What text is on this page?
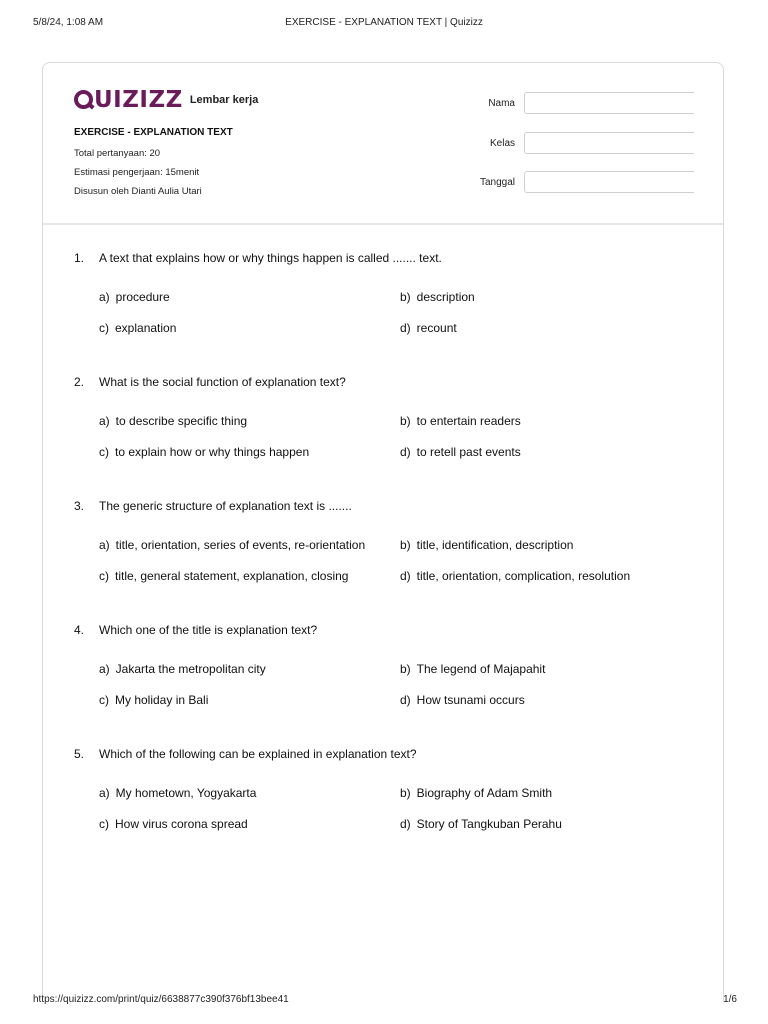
5/8/24, 1:08 AM	EXERCISE - EXPLANATION TEXT | Quizizz
UIZIZZ Lembar kerja
EXERCISE - EXPLANATION TEXT
Total pertanyaan: 20
Estimasi pengerjaan: 15menit
Disusun oleh Dianti Aulia Utari
Nama
Kelas
Tanggal
1. A text that explains how or why things happen is called ....... text.
a) procedure	b) description
c) explanation	d) recount
2. What is the social function of explanation text?
a) to describe specific thing	b) to entertain readers
c) to explain how or why things happen	d) to retell past events
3. The generic structure of explanation text is .......
a) title, orientation, series of events, re-orientation	b) title, identification, description
c) title, general statement, explanation, closing	d) title, orientation, complication, resolution
4. Which one of the title is explanation text?
a) Jakarta the metropolitan city	b) The legend of Majapahit
c) My holiday in Bali	d) How tsunami occurs
5. Which of the following can be explained in explanation text?
a) My hometown, Yogyakarta	b) Biography of Adam Smith
c) How virus corona spread	d) Story of Tangkuban Perahu
https://quizizz.com/print/quiz/6638877c390f376bf13bee41	1/6
